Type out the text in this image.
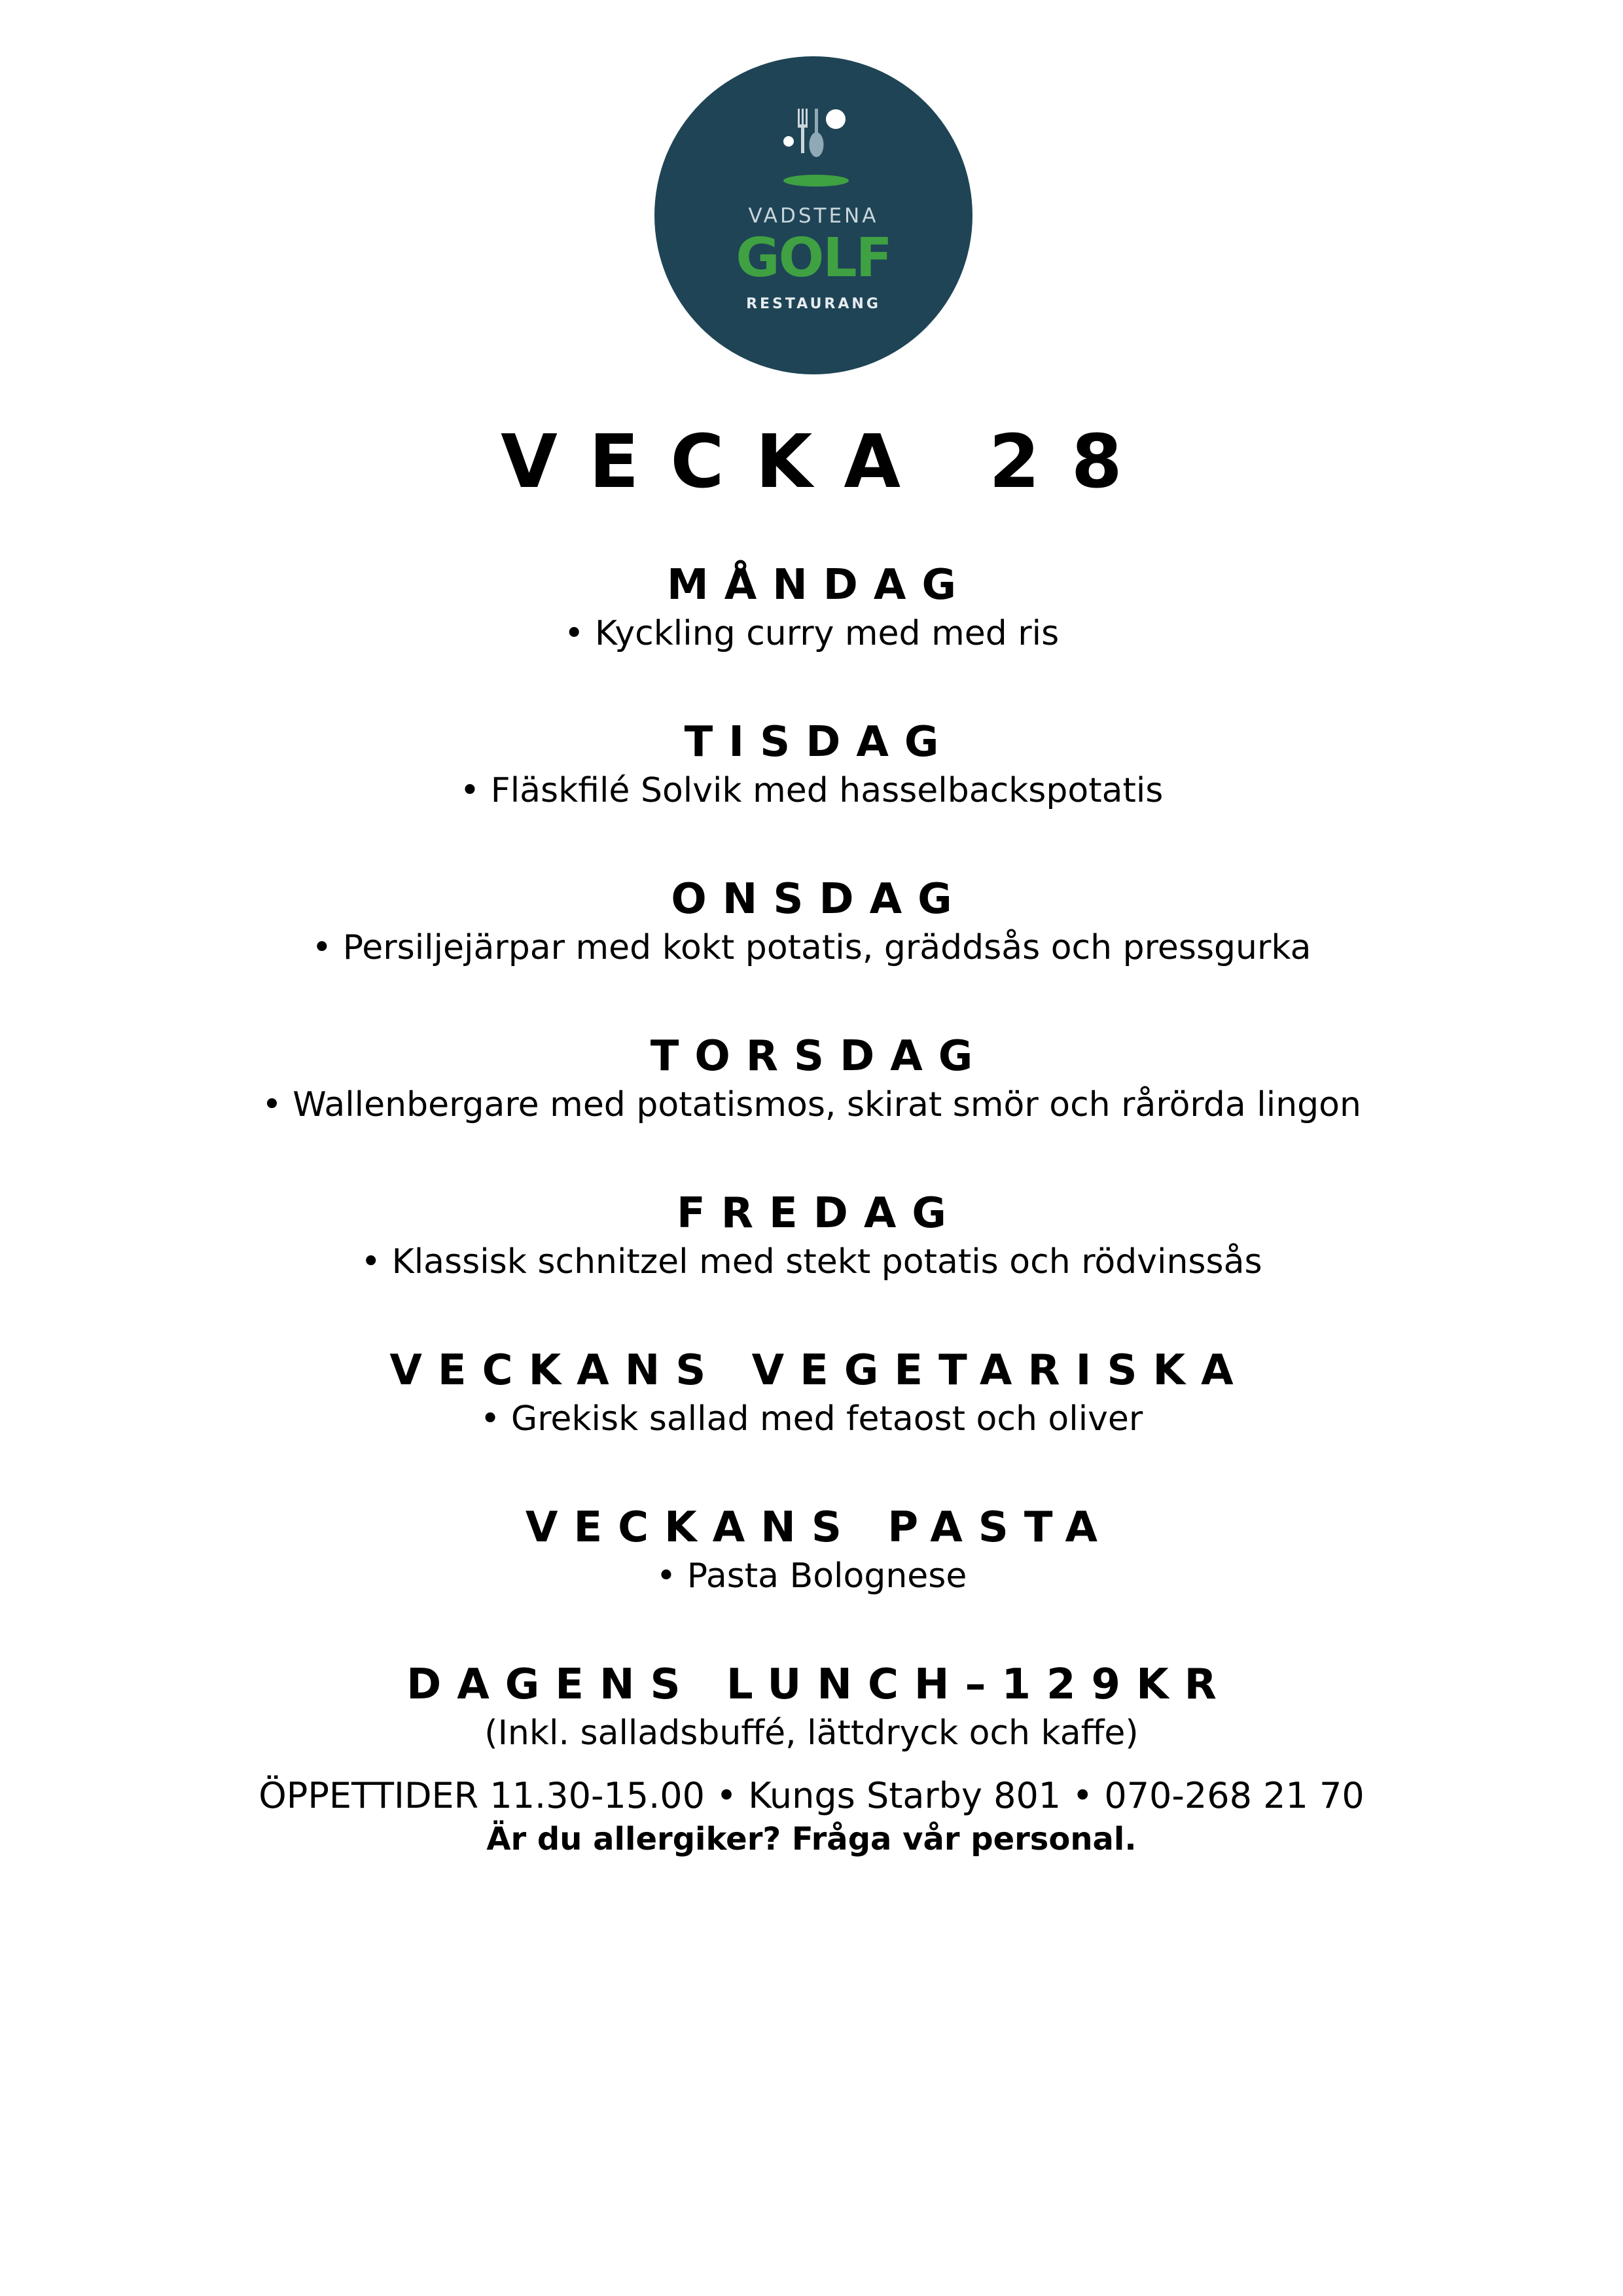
VADSTENA
GOLF
RESTAURANG
VECKA 28
MÅNDAG
• Kyckling curry med med ris
TISDAG
• Fläskfilé Solvik med hasselbackspotatis
ONSDAG
• Persiljejärpar med kokt potatis, gräddsås och pressgurka
TORSDAG
• Wallenbergare med potatismos, skirat smör och rårörda lingon
FREDAG
• Klassisk schnitzel med stekt potatis och rödvinssås
VECKANS VEGETARISKA
• Grekisk sallad med fetaost och oliver
VECKANS PASTA
• Pasta Bolognese
DAGENS LUNCH–129KR
(Inkl. salladsbuffé, lättdryck och kaffe)
ÖPPETTIDER 11.30-15.00 • Kungs Starby 801 • 070-268 21 70
Är du allergiker? Fråga vår personal.
